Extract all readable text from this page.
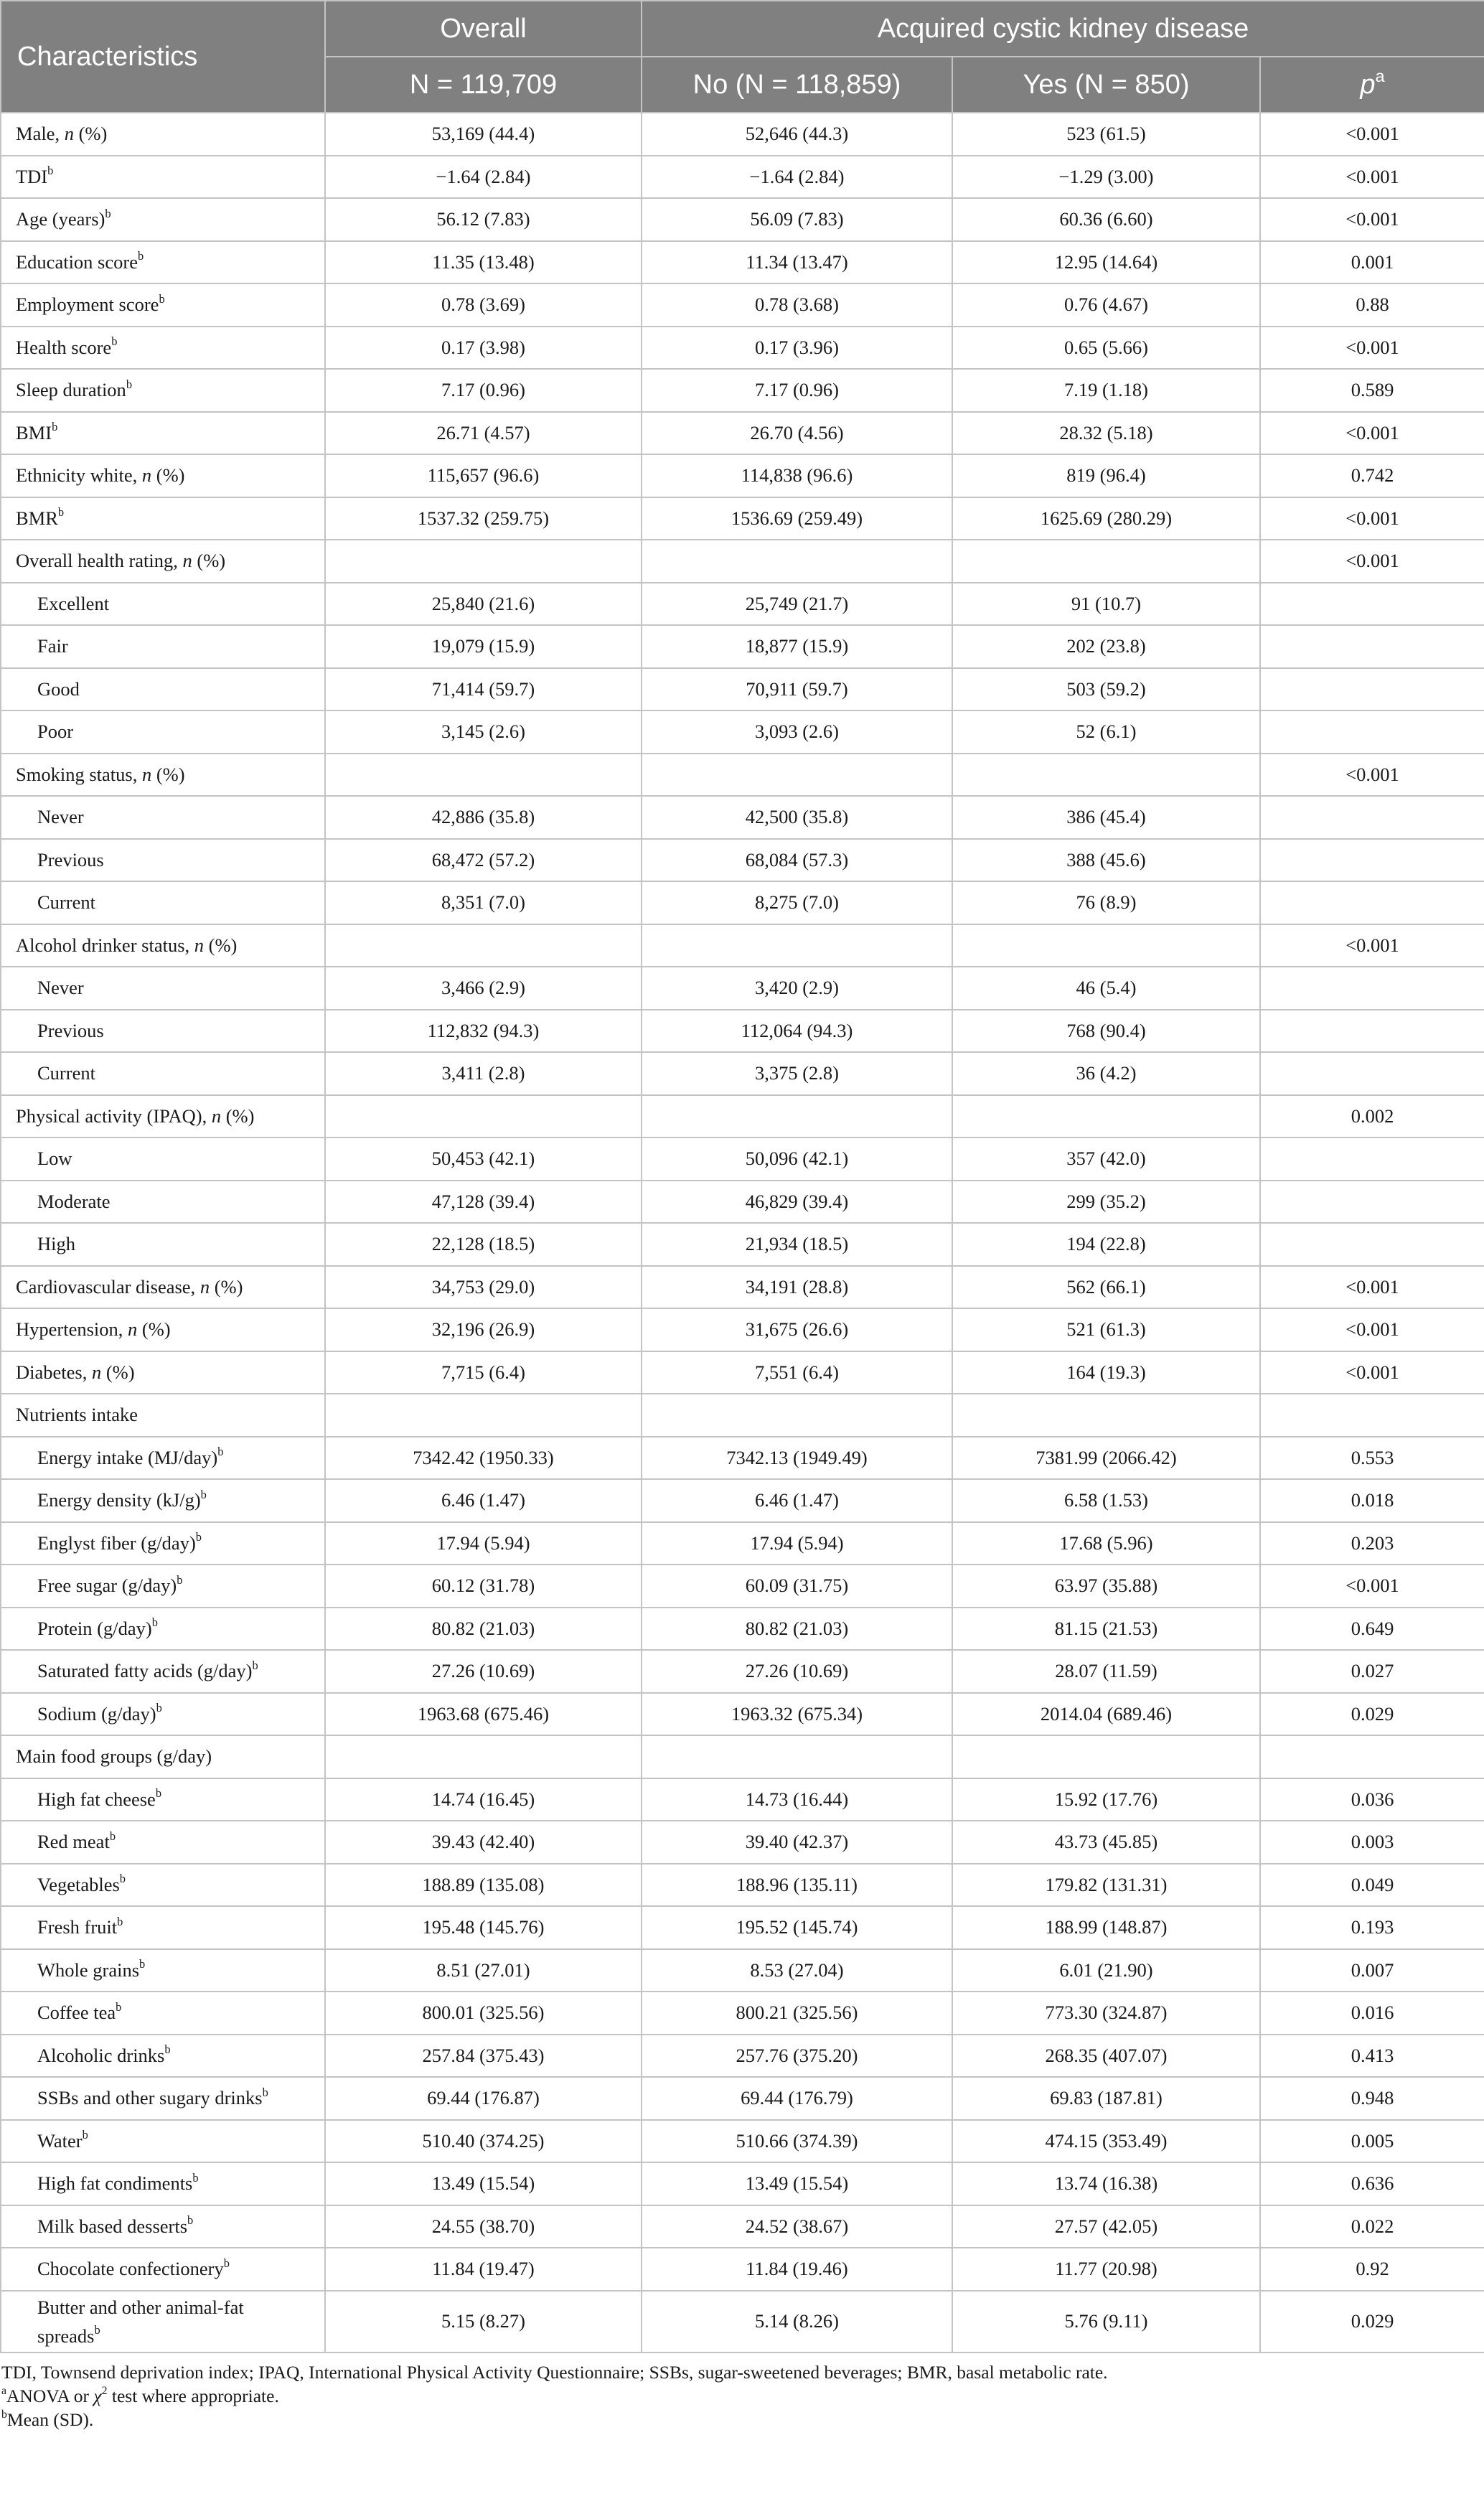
Characteristics	Overall	Acquired cystic kidney disease		
	N = 119,709	No (N = 118,859)	Yes (N = 850)	$p^a$
Male, n (%)	53,169 (44.4)	52,646 (44.3)	523 (61.5)	<0.001
$TDI^b$	−1.64 (2.84)	−1.64 (2.84)	−1.29 (3.00)	<0.001
Age (years)$^b$	56.12 (7.83)	56.09 (7.83)	60.36 (6.60)	<0.001
Education score$^b$	11.35 (13.48)	11.34 (13.47)	12.95 (14.64)	0.001
Employment score$^b$	0.78 (3.69)	0.78 (3.68)	0.76 (4.67)	0.88
Health score$^b$	0.17 (3.98)	0.17 (3.96)	0.65 (5.66)	<0.001
Sleep duration$^b$	7.17 (0.96)	7.17 (0.96)	7.19 (1.18)	0.589
BMI$^b$	26.71 (4.57)	26.70 (4.56)	28.32 (5.18)	<0.001
Ethnicity white, n (%)	115,657 (96.6)	114,838 (96.6)	819 (96.4)	0.742
BMR$^b$	1537.32 (259.75)	1536.69 (259.49)	1625.69 (280.29)	<0.001
Overall health rating, n (%)				<0.001
Excellent	25,840 (21.6)	25,749 (21.7)	91 (10.7)	
Fair	19,079 (15.9)	18,877 (15.9)	202 (23.8)	
Good	71,414 (59.7)	70,911 (59.7)	503 (59.2)	
Poor	3,145 (2.6)	3,093 (2.6)	52 (6.1)	
Smoking status, n (%)				<0.001
Never	42,886 (35.8)	42,500 (35.8)	386 (45.4)	
Previous	68,472 (57.2)	68,084 (57.3)	388 (45.6)	
Current	8,351 (7.0)	8,275 (7.0)	76 (8.9)	
Alcohol drinker status, n (%)				<0.001
Never	3,466 (2.9)	3,420 (2.9)	46 (5.4)	
Previous	112,832 (94.3)	112,064 (94.3)	768 (90.4)	
Current	3,411 (2.8)	3,375 (2.8)	36 (4.2)	
Physical activity (IPAQ), n (%)				0.002
Low	50,453 (42.1)	50,096 (42.1)	357 (42.0)	
Moderate	47,128 (39.4)	46,829 (39.4)	299 (35.2)	
High	22,128 (18.5)	21,934 (18.5)	194 (22.8)	
Cardiovascular disease, n (%)	34,753 (29.0)	34,191 (28.8)	562 (66.1)	<0.001
Hypertension, n (%)	32,196 (26.9)	31,675 (26.6)	521 (61.3)	<0.001
Diabetes, n (%)	7,715 (6.4)	7,551 (6.4)	164 (19.3)	<0.001
Nutrients intake				
Energy intake $(MJ/day)^b$	7342.42 (1950.33)	7342.13 (1949.49)	7381.99 (2066.42)	0.553
Energy density $(kJ/g)^b$	6.46 (1.47)	6.46 (1.47)	6.58 (1.53)	0.018
Englyst fiber $(g/day)^b$	17.94 (5.94)	17.94 (5.94)	17.68 (5.96)	0.203
Free sugar $(g/day)^b$	60.12 (31.78)	60.09 (31.75)	63.97 (35.88)	<0.001
Protein $(g/day)^b$	80.82 (21.03)	80.82 (21.03)	81.15 (21.53)	0.649
Saturated fatty acids $(g/day)^b$	27.26 (10.69)	27.26 (10.69)	28.07 (11.59)	0.027
Sodium $(g/day)^b$	1963.68 (675.46)	1963.32 (675.34)	2014.04 (689.46)	0.029
Main food groups (g/day)				
High fat cheese$^b$	14.74 (16.45)	14.73 (16.44)	15.92 (17.76)	0.036
Red meat$^b$	39.43 (42.40)	39.40 (42.37)	43.73 (45.85)	0.003
Vegetables$^b$	188.89 (135.08)	188.96 (135.11)	179.82 (131.31)	0.049
Fresh fruit$^b$	195.48 (145.76)	195.52 (145.74)	188.99 (148.87)	0.193
Whole grains$^b$	8.51 (27.01)	8.53 (27.04)	6.01 (21.90)	0.007
Coffee tea$^b$	800.01 (325.56)	800.21 (325.56)	773.30 (324.87)	0.016
Alcoholic drinks$^b$	257.84 (375.43)	257.76 (375.20)	268.35 (407.07)	0.413
SSBs and other sugary drinks$^b$	69.44 (176.87)	69.44 (176.79)	69.83 (187.81)	0.948
Water$^b$	510.40 (374.25)	510.66 (374.39)	474.15 (353.49)	0.005
High fat condiments$^b$	13.49 (15.54)	13.49 (15.54)	13.74 (16.38)	0.636
Milk based desserts$^b$	24.55 (38.70)	24.52 (38.67)	27.57 (42.05)	0.022
Chocolate confectionery$^b$	11.84 (19.47)	11.84 (19.46)	11.77 (20.98)	0.92
Butter and other animal-fat spreads$^b$	5.15 (8.27)	5.14 (8.26)	5.76 (9.11)	0.029
TDI, Townsend deprivation index; IPAQ, International Physical Activity Questionnaire; SSBs, sugar-sweetened beverages; BMR, basal metabolic rate.
$^a$ANOVA or $\chi^2$ test where appropriate.
$^b$Mean (SD).
